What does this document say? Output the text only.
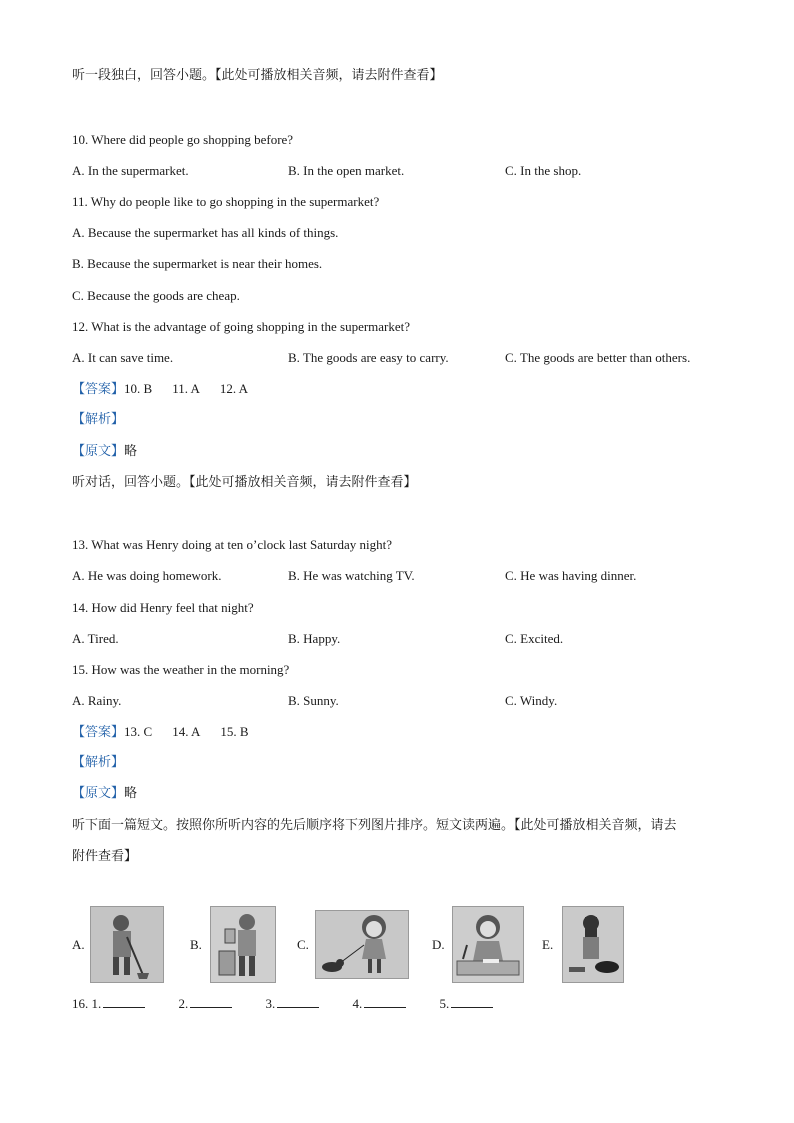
听一段独白，回答小题。【此处可播放相关音频，请去附件查看】
10. Where did people go shopping before?
A. In the supermarket.	B. In the open market.	C. In the shop.
11. Why do people like to go shopping in the supermarket?
A. Because the supermarket has all kinds of things.
B. Because the supermarket is near their homes.
C. Because the goods are cheap.
12. What is the advantage of going shopping in the supermarket?
A. It can save time.	B. The goods are easy to carry.	C. The goods are better than others.
【答案】10. B 11. A 12. A
【解析】
【原文】略
听对话，回答小题。【此处可播放相关音频，请去附件查看】
13. What was Henry doing at ten o’clock last Saturday night?
A. He was doing homework.	B. He was watching TV.	C. He was having dinner.
14. How did Henry feel that night?
A. Tired.	B. Happy.	C. Excited.
15. How was the weather in the morning?
A. Rainy.	B. Sunny.	C. Windy.
【答案】13. C 14. A 15. B
【解析】
【原文】略
听下面一篇短文。按照你所听内容的先后顺序将下列图片排序。短文读两遍。【此处可播放相关音频，请去
附件查看】
A.	B.	C.	D.	E.
16. 1.	2.	3.	4.	5.
